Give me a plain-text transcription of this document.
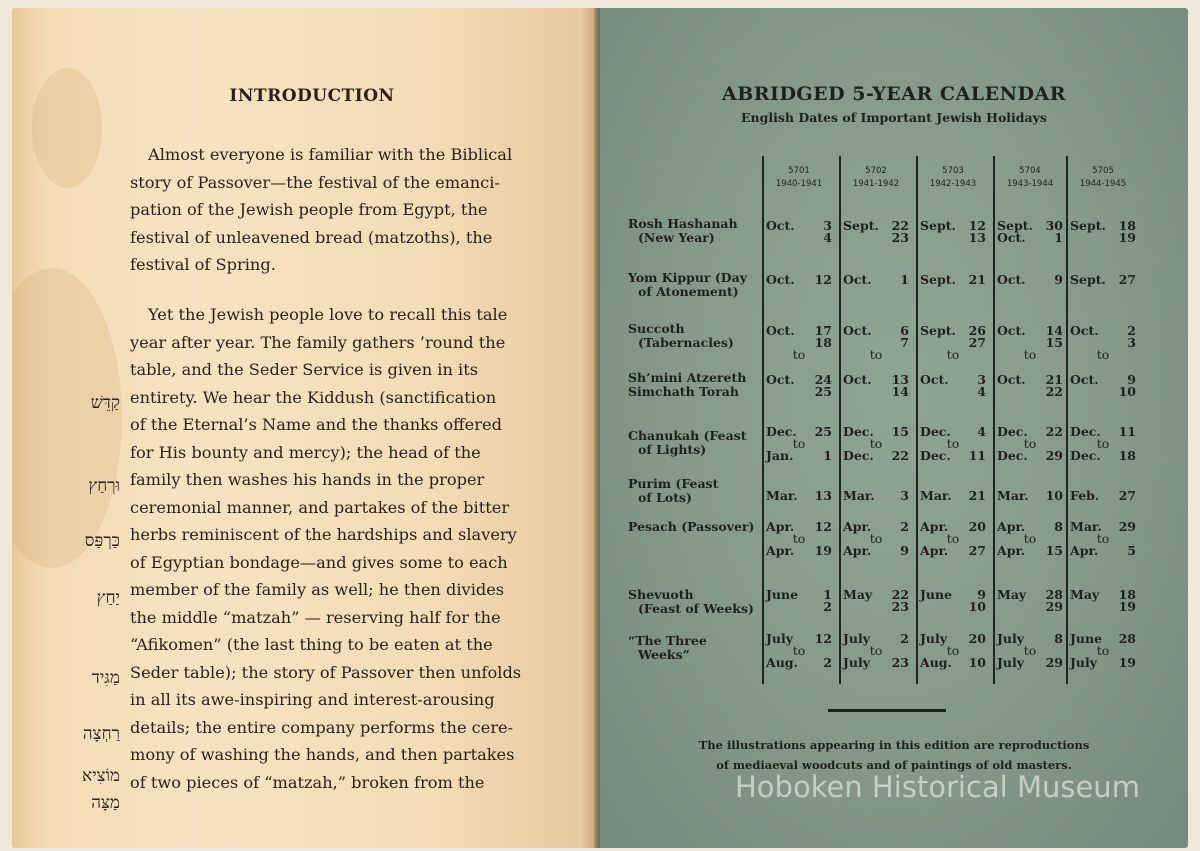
INTRODUCTION
Almost everyone is familiar with the Biblical
story of Passover—the festival of the emanci-
pation of the Jewish people from Egypt, the
festival of unleavened bread (matzoths), the
festival of Spring.
Yet the Jewish people love to recall this tale
year after year. The family gathers ’round the
table, and the Seder Service is given in its
entirety. We hear the Kiddush (sanctification
of the Eternal’s Name and the thanks offered
for His bounty and mercy); the head of the
family then washes his hands in the proper
ceremonial manner, and partakes of the bitter
herbs reminiscent of the hardships and slavery
of Egyptian bondage—and gives some to each
member of the family as well; he then divides
the middle “matzah” — reserving half for the
“Afikomen” (the last thing to be eaten at the
Seder table); the story of Passover then unfolds
in all its awe-inspiring and interest-arousing
details; the entire company performs the cere-
mony of washing the hands, and then partakes
of two pieces of “matzah,” broken from the
קַדֵּשׁ
וּרְחַץ
כַּרְפַּס
יַחַץ
מַגִּיד
רַחְצָה
מוֹצִיא
מַצָּה
ABRIDGED 5-YEAR CALENDAR
English Dates of Important Jewish Holidays
5701
1940-1941
5702
1941-1942
5703
1942-1943
5704
1943-1944
5705
1944-1945
Rosh Hashanah
(New Year)
Oct. 3
4
Sept. 22
23
Sept. 12
13
Sept. 30
Oct. 1
Sept. 18
19
Yom Kippur (Day
of Atonement)
Oct. 12 Oct. 1 Sept. 21 Oct. 9 Sept. 27
Succoth
(Tabernacles)
Oct. 17
18
to
Oct. 6
7
to
Sept. 26
27
to
Oct. 14
15
to
Oct. 2
3
to
Sh’mini Atzereth
Simchath Torah
Oct. 24
25
Oct. 13
14
Oct. 3
4
Oct. 21
22
Oct. 9
10
Chanukah (Feast
of Lights)
Dec. 25
to
Jan. 1
Dec. 15
to
Dec. 22
Dec. 4
to
Dec. 11
Dec. 22
to
Dec. 29
Dec. 11
to
Dec. 18
Purim (Feast
of Lots)	Mar. 13 Mar. 3 Mar. 21 Mar. 10 Feb. 27
Pesach (Passover) Apr. 12
to
Apr. 19
Apr. 2
to
Apr. 9
Apr. 20
to
Apr. 27
Apr. 8
to
Apr. 15
Mar. 29
to
Apr. 5
Shevuoth
(Feast of Weeks)
June 1
2
May 22
23
June 9
10
May 28
29
May 18
19
“The Three
Weeks”
July 12
to
Aug. 2
July 2
to
July 23
July 20
to
Aug. 10
July 8
to
July 29
June 28
to
July 19
The illustrations appearing in this edition are reproductions
of mediaeval woodcuts and of paintings of old masters.
Hoboken Historical Museum
